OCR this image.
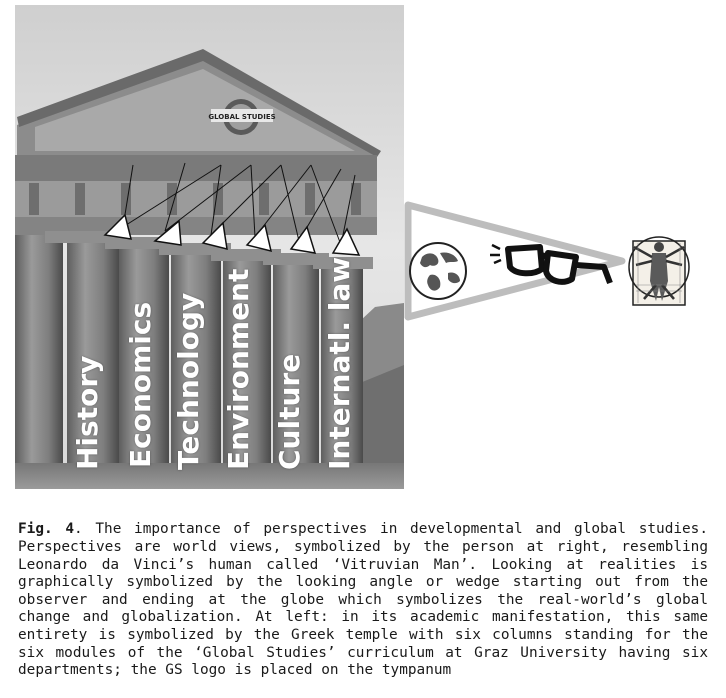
GLOBAL STUDIES
History Economics Technology Environment Culture Internatl. law

Fig. 4. The importance of perspectives in developmental and global studies. Perspectives are world views, symbolized by the person at right, resembling Leonardo da Vinci’s human called ‘Vitruvian Man’. Looking at realities is graphically symbolized by the looking angle or wedge starting out from the observer and ending at the globe which symbolizes the real-world’s global change and globalization. At left: in its academic manifestation, this same entirety is symbolized by the Greek temple with six columns standing for the six modules of the ‘Global Studies’ curriculum at Graz University having six departments; the GS logo is placed on the tympanum
